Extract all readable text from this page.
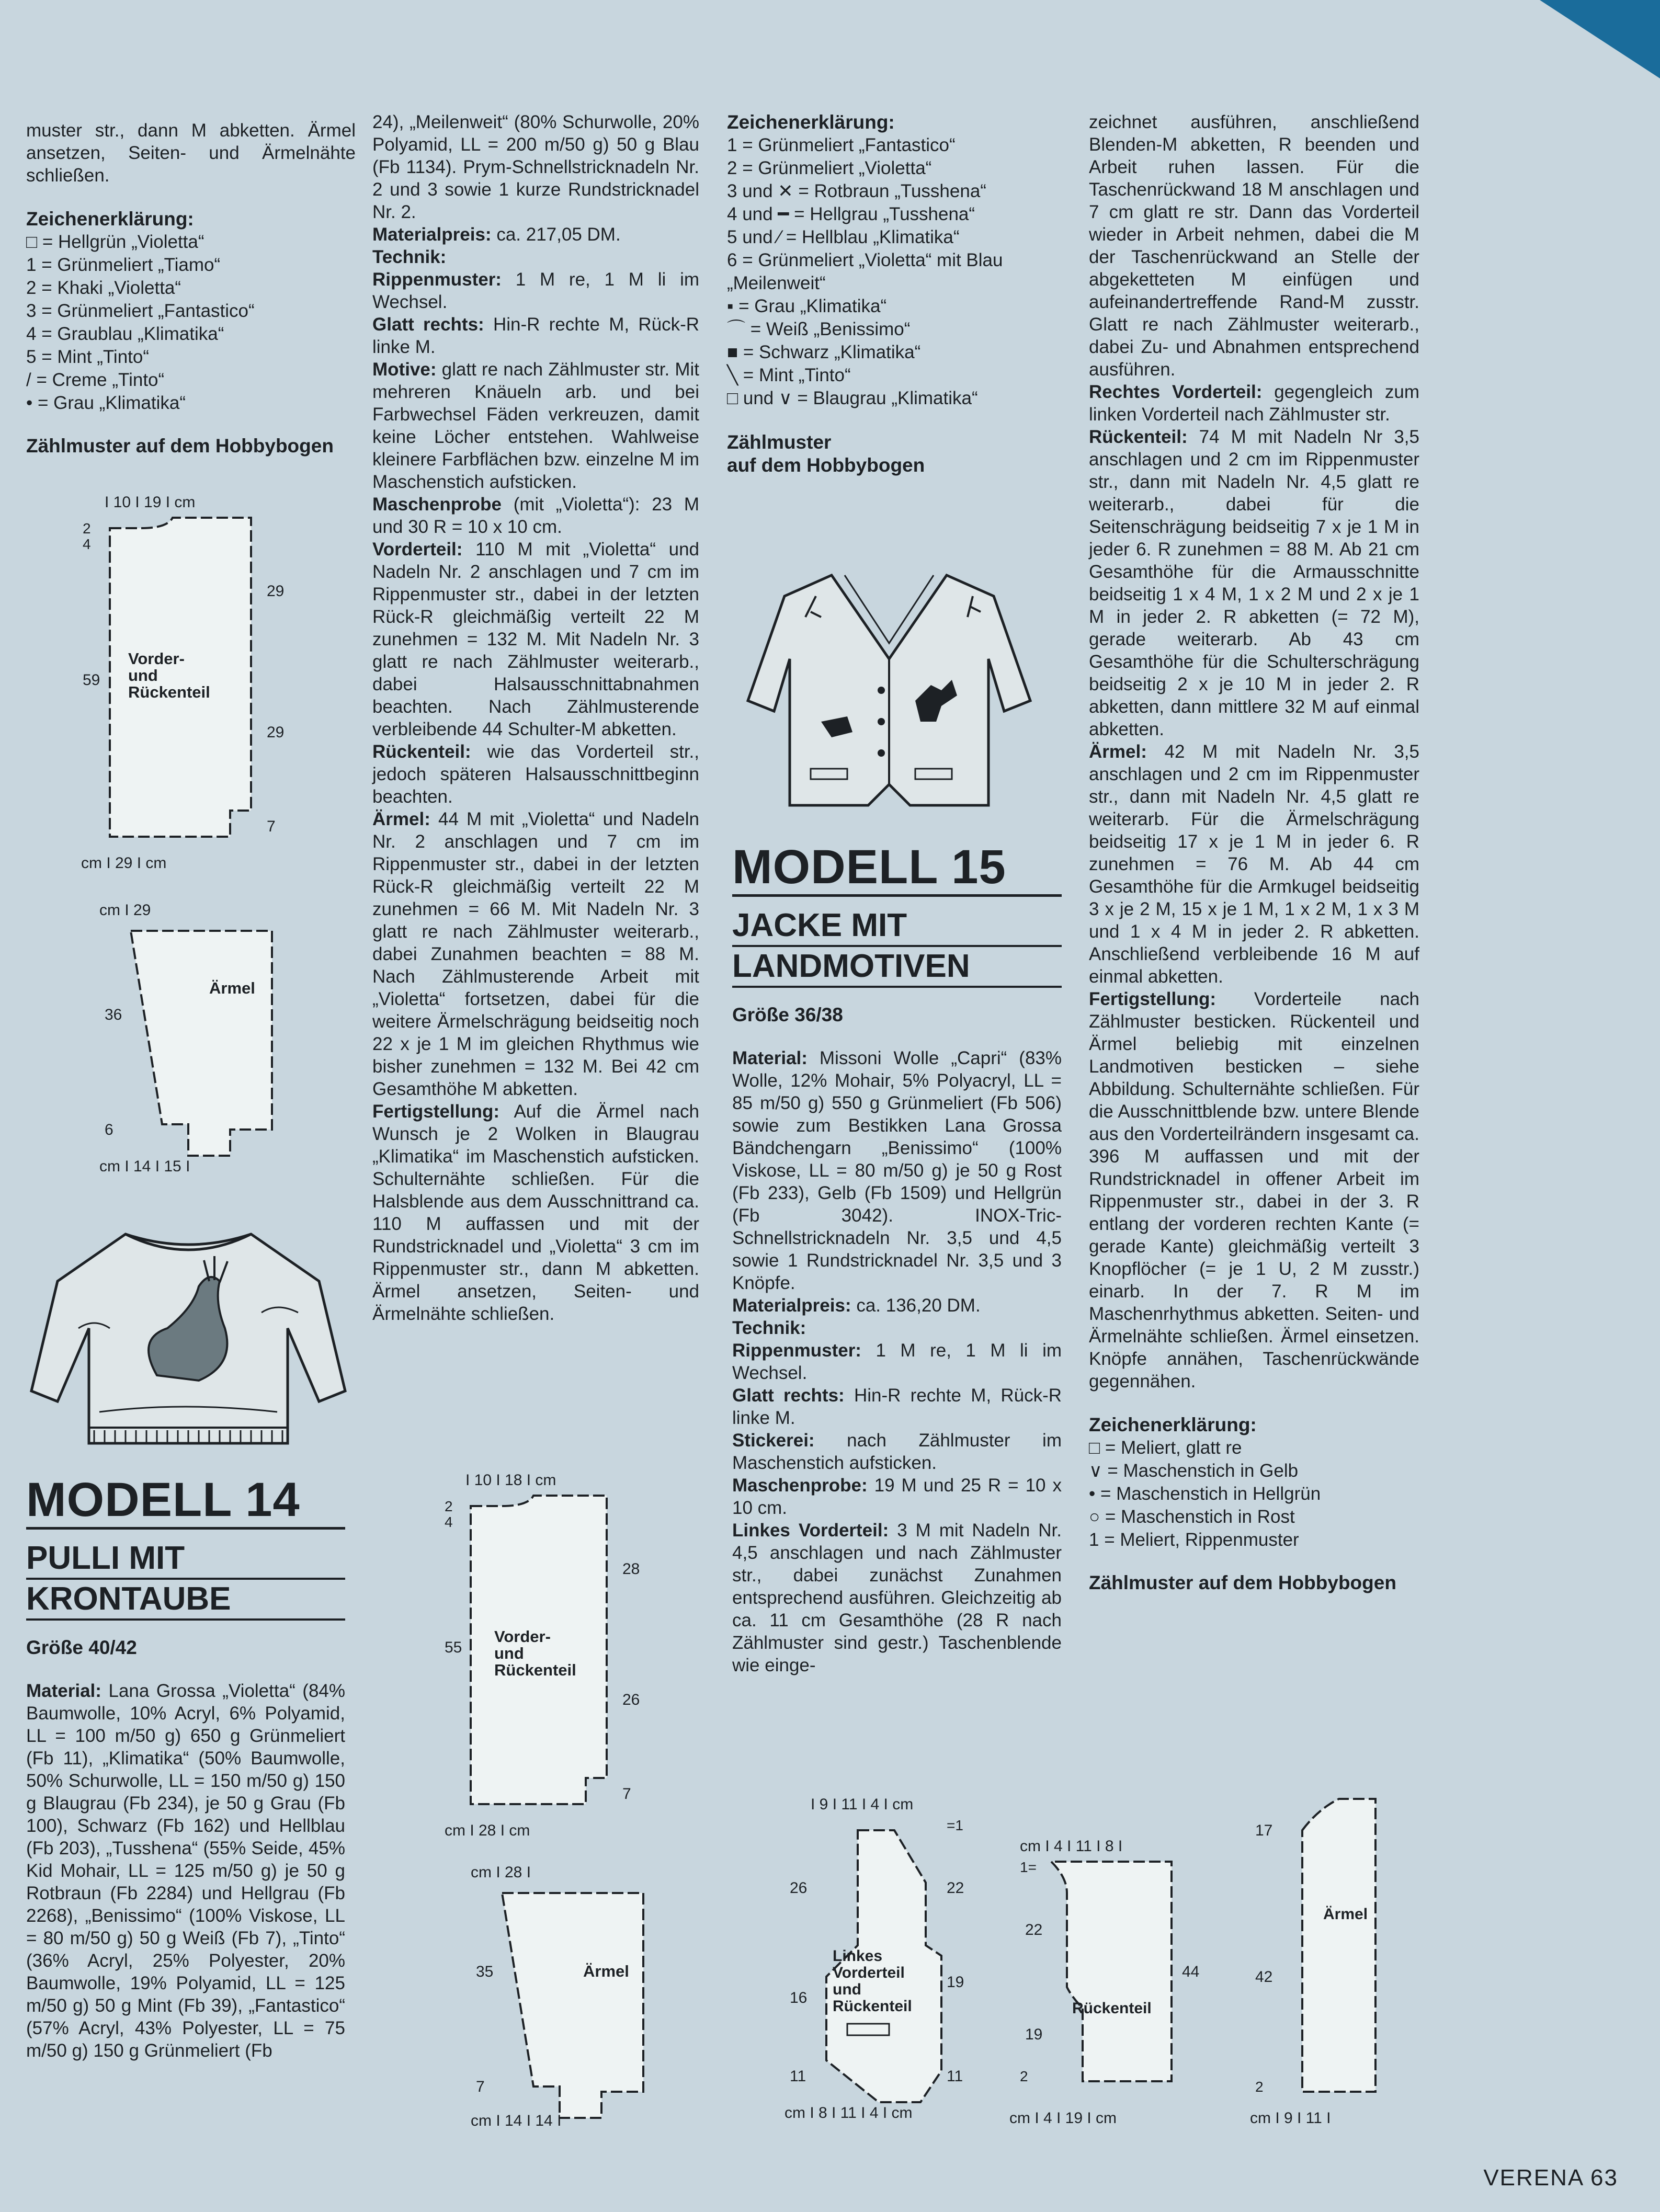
muster str., dann M abketten. Ärmel ansetzen, Seiten- und Ärmelnähte schließen.

Zeichenerklärung:

□ = Hellgrün „Violetta“
1 = Grünmeliert „Tiamo“
2 = Khaki „Violetta“
3 = Grünmeliert „Fantastico“
4 = Graublau „Klimatika“
5 = Mint „Tinto“
/ = Creme „Tinto“
• = Grau „Klimatika“

Zählmuster auf dem Hobbybogen

I 10 I 19 I cm
2
4
59
29
29
7
Vorder-und Rückenteil
cm I 29 I cm
cm I 29
36
6
Ärmel
cm I 14 I 15 I
MODELL 14
PULLI MIT
KRONTAUBE

Größe 40/42

Material: Lana Grossa „Violetta“ (84% Baumwolle, 10% Acryl, 6% Polyamid, LL = 100 m/50 g) 650 g Grünmeliert (Fb 11), „Klimatika“ (50% Baumwolle, 50% Schurwolle, LL = 150 m/50 g) 150 g Blaugrau (Fb 234), je 50 g Grau (Fb 100), Schwarz (Fb 162) und Hellblau (Fb 203), „Tusshena“ (55% Seide, 45% Kid Mohair, LL = 125 m/50 g) je 50 g Rotbraun (Fb 2284) und Hellgrau (Fb 2268), „Benissimo“ (100% Viskose, LL = 80 m/50 g) 50 g Weiß (Fb 7), „Tinto“ (36% Acryl, 25% Polyester, 20% Baumwolle, 19% Polyamid, LL = 125 m/50 g) 50 g Mint (Fb 39), „Fantastico“ (57% Acryl, 43% Polyester, LL = 75 m/50 g) 150 g Grünmeliert (Fb

24), „Meilenweit“ (80% Schurwolle, 20% Polyamid, LL = 200 m/50 g) 50 g Blau (Fb 1134). Prym-Schnellstricknadeln Nr. 2 und 3 sowie 1 kurze Rundstricknadel Nr. 2.

Materialpreis: ca. 217,05 DM.

Technik:

Rippenmuster: 1 M re, 1 M li im Wechsel.

Glatt rechts: Hin-R rechte M, Rück-R linke M.

Motive: glatt re nach Zählmuster str. Mit mehreren Knäueln arb. und bei Farbwechsel Fäden verkreuzen, damit keine Löcher entstehen. Wahlweise kleinere Farbflächen bzw. einzelne M im Maschenstich aufsticken.

Maschenprobe (mit „Violetta“): 23 M und 30 R = 10 x 10 cm.

Vorderteil: 110 M mit „Violetta“ und Nadeln Nr. 2 anschlagen und 7 cm im Rippenmuster str., dabei in der letzten Rück-R gleichmäßig verteilt 22 M zunehmen = 132 M. Mit Nadeln Nr. 3 glatt re nach Zählmuster weiterarb., dabei Halsausschnittabnahmen beachten. Nach Zählmusterende verbleibende 44 Schulter-M abketten.

Rückenteil: wie das Vorderteil str., jedoch späteren Halsausschnittbeginn beachten.

Ärmel: 44 M mit „Violetta“ und Nadeln Nr. 2 anschlagen und 7 cm im Rippenmuster str., dabei in der letzten Rück-R gleichmäßig verteilt 22 M zunehmen = 66 M. Mit Nadeln Nr. 3 glatt re nach Zählmuster weiterarb., dabei Zunahmen beachten = 88 M. Nach Zählmusterende Arbeit mit „Violetta“ fortsetzen, dabei für die weitere Ärmelschrägung beidseitig noch 22 x je 1 M im gleichen Rhythmus wie bisher zunehmen = 132 M. Bei 42 cm Gesamthöhe M abketten.

Fertigstellung: Auf die Ärmel nach Wunsch je 2 Wolken in Blaugrau „Klimatika“ im Maschenstich aufsticken. Schulternähte schließen. Für die Halsblende aus dem Ausschnittrand ca. 110 M auffassen und mit der Rundstricknadel und „Violetta“ 3 cm im Rippenmuster str., dann M abketten. Ärmel ansetzen, Seiten- und Ärmelnähte schließen.

I 10 I 18 I cm
2
4
55
28
26
7
Vorder-und Rückenteil
cm I 28 I cm
cm I 28 I
35
7
Ärmel
cm I 14 I 14 I

Zeichenerklärung:

1 = Grünmeliert „Fantastico“
2 = Grünmeliert „Violetta“
3 und ✕ = Rotbraun „Tusshena“
4 und ━ = Hellgrau „Tusshena“
5 und ⁄ = Hellblau „Klimatika“
6 = Grünmeliert „Violetta“ mit Blau
„Meilenweit“
▪ = Grau „Klimatika“
⌒ = Weiß „Benissimo“
■ = Schwarz „Klimatika“
╲ = Mint „Tinto“
□ und ∨ = Blaugrau „Klimatika“

Zählmuster
auf dem Hobbybogen

MODELL 15
JACKE MIT
LANDMOTIVEN

Größe 36/38

Material: Missoni Wolle „Capri“ (83% Wolle, 12% Mohair, 5% Polyacryl, LL = 85 m/50 g) 550 g Grünmeliert (Fb 506) sowie zum Bestikken Lana Grossa Bändchengarn „Benissimo“ (100% Viskose, LL = 80 m/50 g) je 50 g Rost (Fb 233), Gelb (Fb 1509) und Hellgrün (Fb 3042). INOX-Tric-Schnellstricknadeln Nr. 3,5 und 4,5 sowie 1 Rundstricknadel Nr. 3,5 und 3 Knöpfe.

Materialpreis: ca. 136,20 DM.

Technik:

Rippenmuster: 1 M re, 1 M li im Wechsel.

Glatt rechts: Hin-R rechte M, Rück-R linke M.

Stickerei: nach Zählmuster im Maschenstich aufsticken.

Maschenprobe: 19 M und 25 R = 10 x 10 cm.

Linkes Vorderteil: 3 M mit Nadeln Nr. 4,5 anschlagen und nach Zählmuster str., dabei zunächst Zunahmen entsprechend ausführen. Gleichzeitig ab ca. 11 cm Gesamthöhe (28 R nach Zählmuster sind gestr.) Taschenblende wie einge-

zeichnet ausführen, anschließend Blenden-M abketten, R beenden und Arbeit ruhen lassen. Für die Taschenrückwand 18 M anschlagen und 7 cm glatt re str. Dann das Vorderteil wieder in Arbeit nehmen, dabei die M der Taschenrückwand an Stelle der abgeketteten M einfügen und aufeinandertreffende Rand-M zusstr. Glatt re nach Zählmuster weiterarb., dabei Zu- und Abnahmen entsprechend ausführen.

Rechtes Vorderteil: gegengleich zum linken Vorderteil nach Zählmuster str.

Rückenteil: 74 M mit Nadeln Nr 3,5 anschlagen und 2 cm im Rippenmuster str., dann mit Nadeln Nr. 4,5 glatt re weiterarb., dabei für die Seitenschrägung beidseitig 7 x je 1 M in jeder 6. R zunehmen = 88 M. Ab 21 cm Gesamthöhe für die Armausschnitte beidseitig 1 x 4 M, 1 x 2 M und 2 x je 1 M in jeder 2. R abketten (= 72 M), gerade weiterarb. Ab 43 cm Gesamthöhe für die Schulterschrägung beidseitig 2 x je 10 M in jeder 2. R abketten, dann mittlere 32 M auf einmal abketten.

Ärmel: 42 M mit Nadeln Nr. 3,5 anschlagen und 2 cm im Rippenmuster str., dann mit Nadeln Nr. 4,5 glatt re weiterarb. Für die Ärmelschrägung beidseitig 17 x je 1 M in jeder 6. R zunehmen = 76 M. Ab 44 cm Gesamthöhe für die Armkugel beidseitig 3 x je 2 M, 15 x je 1 M, 1 x 2 M, 1 x 3 M und 1 x 4 M in jeder 2. R abketten. Anschließend verbleibende 16 M auf einmal abketten.

Fertigstellung: Vorderteile nach Zählmuster besticken. Rückenteil und Ärmel beliebig mit einzelnen Landmotiven besticken – siehe Abbildung. Schulternähte schließen. Für die Ausschnittblende bzw. untere Blende aus den Vorderteilrändern insgesamt ca. 396 M auffassen und mit der Rundstricknadel in offener Arbeit im Rippenmuster str., dabei in der 3. R entlang der vorderen rechten Kante (= gerade Kante) gleichmäßig verteilt 3 Knopflöcher (= je 1 U, 2 M zusstr.) einarb. In der 7. R M im Maschenrhythmus abketten. Seiten- und Ärmelnähte schließen. Ärmel einsetzen. Knöpfe annähen, Taschenrückwände gegennähen.

Zeichenerklärung:

□ = Meliert, glatt re
∨ = Maschenstich in Gelb
• = Maschenstich in Hellgrün
○ = Maschenstich in Rost
1 = Meliert, Rippenmuster

Zählmuster auf dem Hobbybogen

I 9 I 11 I 4 I cm
=1
26	22
16
19
11	11
Linkes Vorderteil und Rückenteil
cm I 8 I 11 I 4 I cm
cm I 4 I 11 I 8 I
1=
22
44
19
2
Rückenteil
cm I 4 I 19 I cm
17
42
2
Ärmel
cm I 9 I 11 I
VERENA 63
